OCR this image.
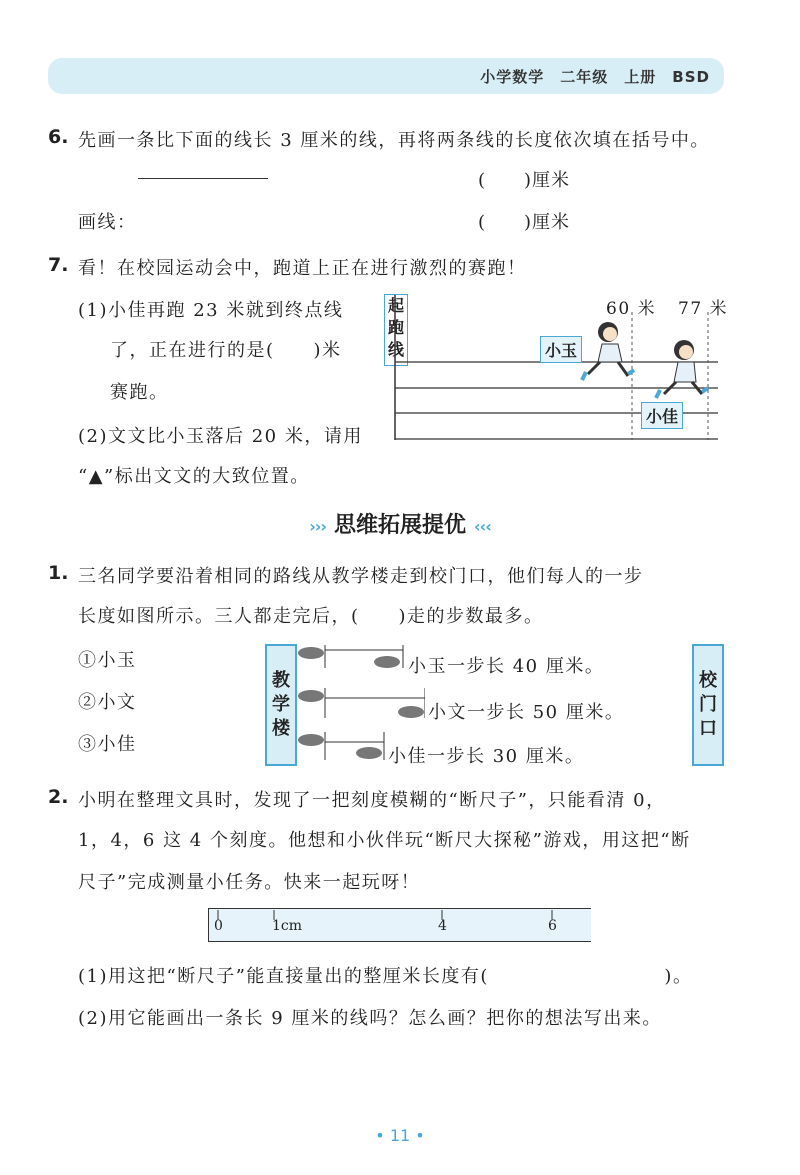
小学数学　二年级　上册　BSD
6. 先画一条比下面的线长 3 厘米的线，再将两条线的长度依次填在括号中。
(　　)厘米
画线：	(　　)厘米
7. 看！在校园运动会中，跑道上正在进行激烈的赛跑！
(1)小佳再跑 23 米就到终点线
了，正在进行的是(　　)米
赛跑。
(2)文文比小玉落后 20 米，请用
“▲”标出文文的大致位置。
起跑线
60 米 77 米
小玉
小佳
››› 思维拓展提优 ‹‹‹
1. 三名同学要沿着相同的路线从教学楼走到校门口，他们每人的一步
长度如图所示。三人都走完后，(　　)走的步数最多。
①小玉
②小文
③小佳
教学楼
校门口
小玉一步长 40 厘米。
小文一步长 50 厘米。
小佳一步长 30 厘米。
2. 小明在整理文具时，发现了一把刻度模糊的“断尺子”，只能看清 0，
1，4，6 这 4 个刻度。他想和小伙伴玩“断尺大探秘”游戏，用这把“断
尺子”完成测量小任务。快来一起玩呀！
0	1cm	4	6
(1)用这把“断尺子”能直接量出的整厘米长度有(　　　　　　　　　)。
(2)用它能画出一条长 9 厘米的线吗？怎么画？把你的想法写出来。
• 11 •
